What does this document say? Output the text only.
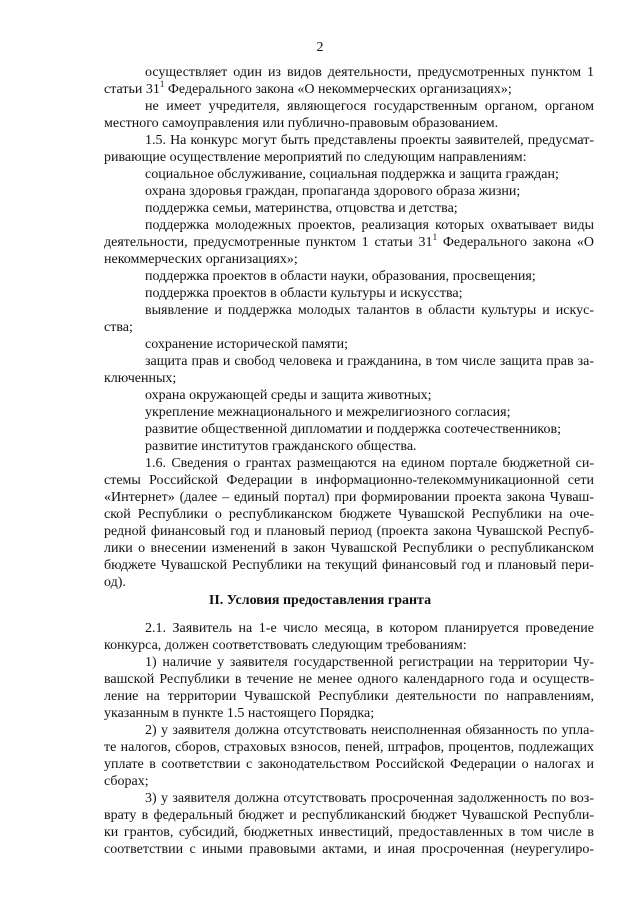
2
осуществляет один из видов деятельности, предусмотренных пунктом 1
статьи $31^1$ Федерального закона «О некоммерческих организациях»;
не имеет учредителя, являющегося государственным органом, органом
местного самоуправления или публично-правовым образованием.
1.5. На конкурс могут быть представлены проекты заявителей, предусмат-
ривающие осуществление мероприятий по следующим направлениям:
социальное обслуживание, социальная поддержка и защита граждан;
охрана здоровья граждан, пропаганда здорового образа жизни;
поддержка семьи, материнства, отцовства и детства;
поддержка молодежных проектов, реализация которых охватывает виды
деятельности, предусмотренные пунктом 1 статьи $31^1$ Федерального закона «О
некоммерческих организациях»;
поддержка проектов в области науки, образования, просвещения;
поддержка проектов в области культуры и искусства;
выявление и поддержка молодых талантов в области культуры и искус-
ства;
сохранение исторической памяти;
защита прав и свобод человека и гражданина, в том числе защита прав за-
ключенных;
охрана окружающей среды и защита животных;
укрепление межнационального и межрелигиозного согласия;
развитие общественной дипломатии и поддержка соотечественников;
развитие институтов гражданского общества.
1.6. Сведения о грантах размещаются на едином портале бюджетной си-
стемы Российской Федерации в информационно-телекоммуникационной сети
«Интернет» (далее – единый портал) при формировании проекта закона Чуваш-
ской Республики о республиканском бюджете Чувашской Республики на оче-
редной финансовый год и плановый период (проекта закона Чувашской Респуб-
лики о внесении изменений в закон Чувашской Республики о республиканском
бюджете Чувашской Республики на текущий финансовый год и плановый пери-
од).
II. Условия предоставления гранта
2.1. Заявитель на 1-е число месяца, в котором планируется проведение
конкурса, должен соответствовать следующим требованиям:
1) наличие у заявителя государственной регистрации на территории Чу-
вашской Республики в течение не менее одного календарного года и осуществ-
ление на территории Чувашской Республики деятельности по направлениям,
указанным в пункте 1.5 настоящего Порядка;
2) у заявителя должна отсутствовать неисполненная обязанность по упла-
те налогов, сборов, страховых взносов, пеней, штрафов, процентов, подлежащих
уплате в соответствии с законодательством Российской Федерации о налогах и
сборах;
3) у заявителя должна отсутствовать просроченная задолженность по воз-
врату в федеральный бюджет и республиканский бюджет Чувашской Республи-
ки грантов, субсидий, бюджетных инвестиций, предоставленных в том числе в
соответствии с иными правовыми актами, и иная просроченная (неурегулиро-
